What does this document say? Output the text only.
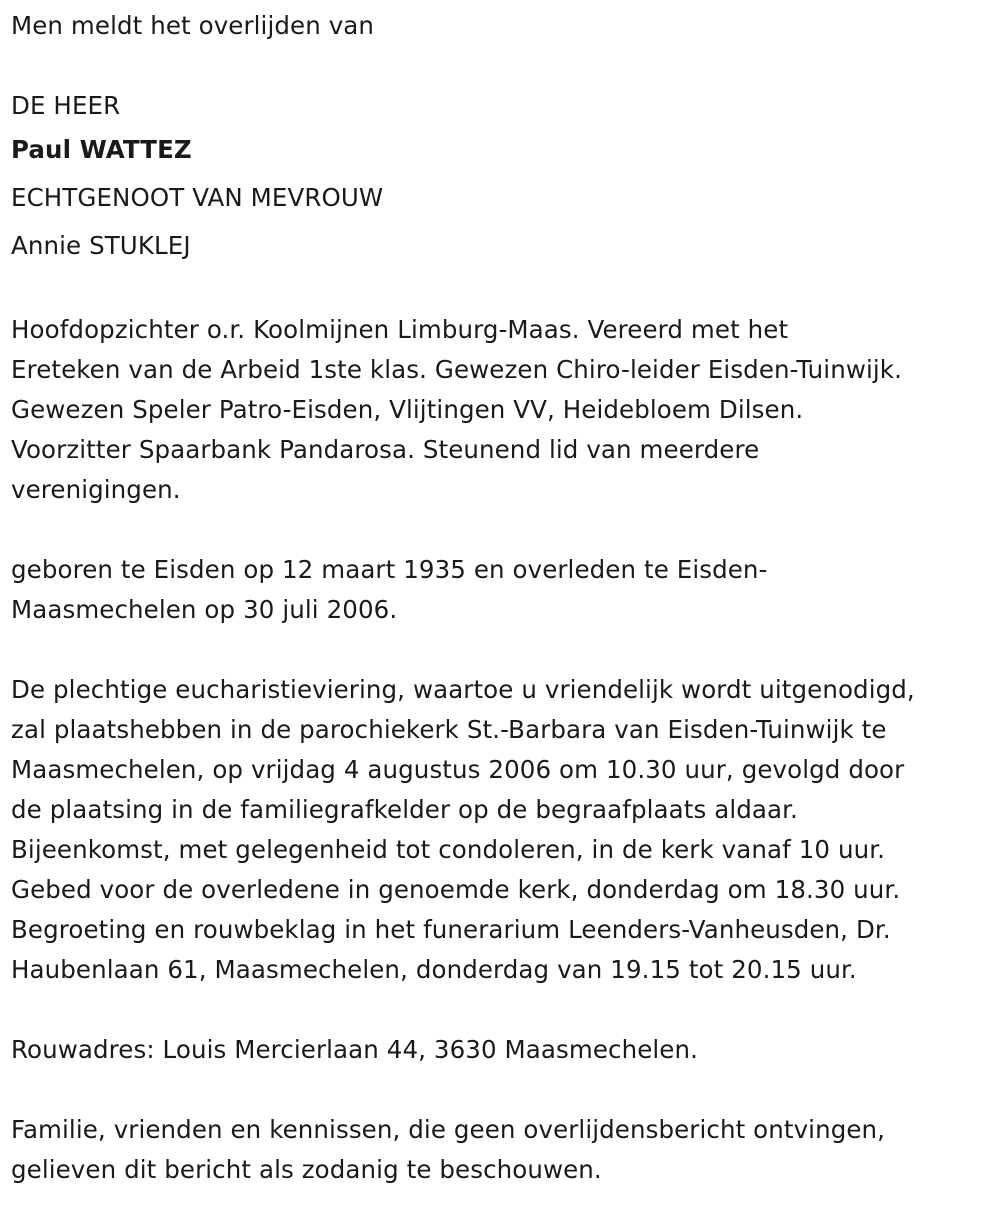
Men meldt het overlijden van

DE HEER

Paul WATTEZ

ECHTGENOOT VAN MEVROUW

Annie STUKLEJ

Hoofdopzichter o.r. Koolmijnen Limburg-Maas. Vereerd met het

Ereteken van de Arbeid 1ste klas. Gewezen Chiro-leider Eisden-Tuinwijk.

Gewezen Speler Patro-Eisden, Vlijtingen VV, Heidebloem Dilsen.

Voorzitter Spaarbank Pandarosa. Steunend lid van meerdere

verenigingen.

geboren te Eisden op 12 maart 1935 en overleden te Eisden-

Maasmechelen op 30 juli 2006.

De plechtige eucharistieviering, waartoe u vriendelijk wordt uitgenodigd,

zal plaatshebben in de parochiekerk St.-Barbara van Eisden-Tuinwijk te

Maasmechelen, op vrijdag 4 augustus 2006 om 10.30 uur, gevolgd door

de plaatsing in de familiegrafkelder op de begraafplaats aldaar.

Bijeenkomst, met gelegenheid tot condoleren, in de kerk vanaf 10 uur.

Gebed voor de overledene in genoemde kerk, donderdag om 18.30 uur.

Begroeting en rouwbeklag in het funerarium Leenders-Vanheusden, Dr.

Haubenlaan 61, Maasmechelen, donderdag van 19.15 tot 20.15 uur.

Rouwadres: Louis Mercierlaan 44, 3630 Maasmechelen.

Familie, vrienden en kennissen, die geen overlijdensbericht ontvingen,

gelieven dit bericht als zodanig te beschouwen.
